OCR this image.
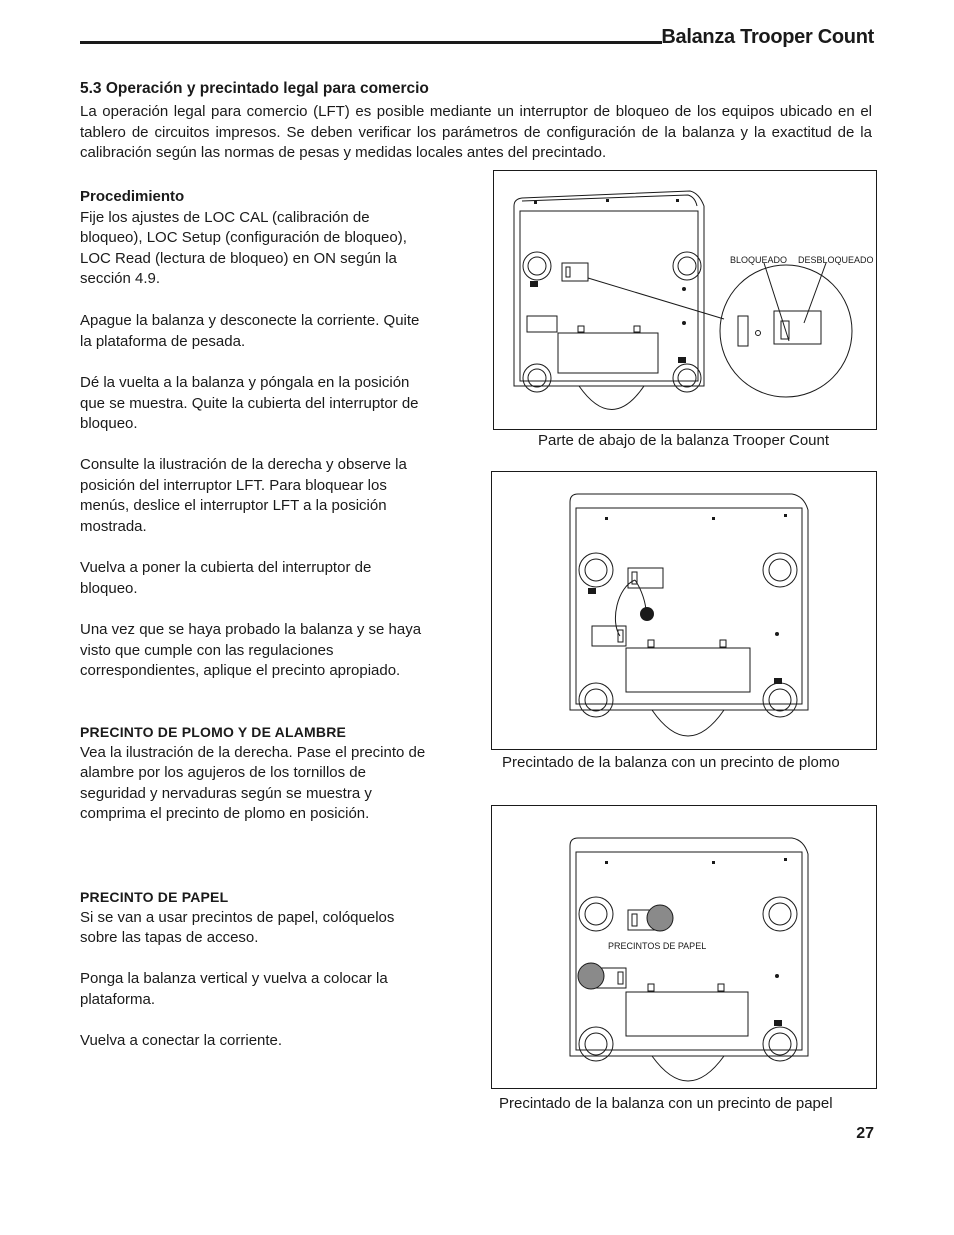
Balanza Trooper Count
5.3 Operación y precintado legal para comercio
La operación legal para comercio (LFT) es posible mediante un interruptor de bloqueo de los equipos ubicado en el tablero de circuitos impresos. Se deben verificar los parámetros de configuración de la balanza y la exactitud de la calibración según las normas de pesas y medidas locales antes del precintado.

Procedimiento

Fije los ajustes de LOC CAL (calibración de bloqueo), LOC Setup (configuración de bloqueo), LOC Read (lectura de bloqueo) en ON según la sección 4.9.

Apague la balanza y desconecte la corriente. Quite la plataforma de pesada.

Dé la vuelta a la balanza y póngala en la posición que se muestra. Quite la cubierta del interruptor de bloqueo.

Consulte la ilustración de la derecha y observe la posición del interruptor LFT. Para bloquear los menús, deslice el interruptor LFT a la posición mostrada.

Vuelva a poner la cubierta del interruptor de bloqueo.

Una vez que se haya probado la balanza y se haya visto que cumple con las regulaciones correspondientes, aplique el precinto apropiado.

PRECINTO DE PLOMO Y DE ALAMBRE

Vea la ilustración de la derecha. Pase el precinto de alambre por los agujeros de los tornillos de seguridad y nervaduras según se muestra y comprima el precinto de plomo en posición.

PRECINTO DE PAPEL

Si se van a usar precintos de papel, colóquelos sobre las tapas de acceso.

Ponga la balanza vertical y vuelva a colocar la plataforma.

Vuelva a conectar la corriente.

BLOQUEADO DESBLOQUEADO
Parte de abajo de la balanza Trooper Count
Precintado de la balanza con un precinto de plomo
PRECINTOS DE PAPEL
Precintado de la balanza con un precinto de papel
27
